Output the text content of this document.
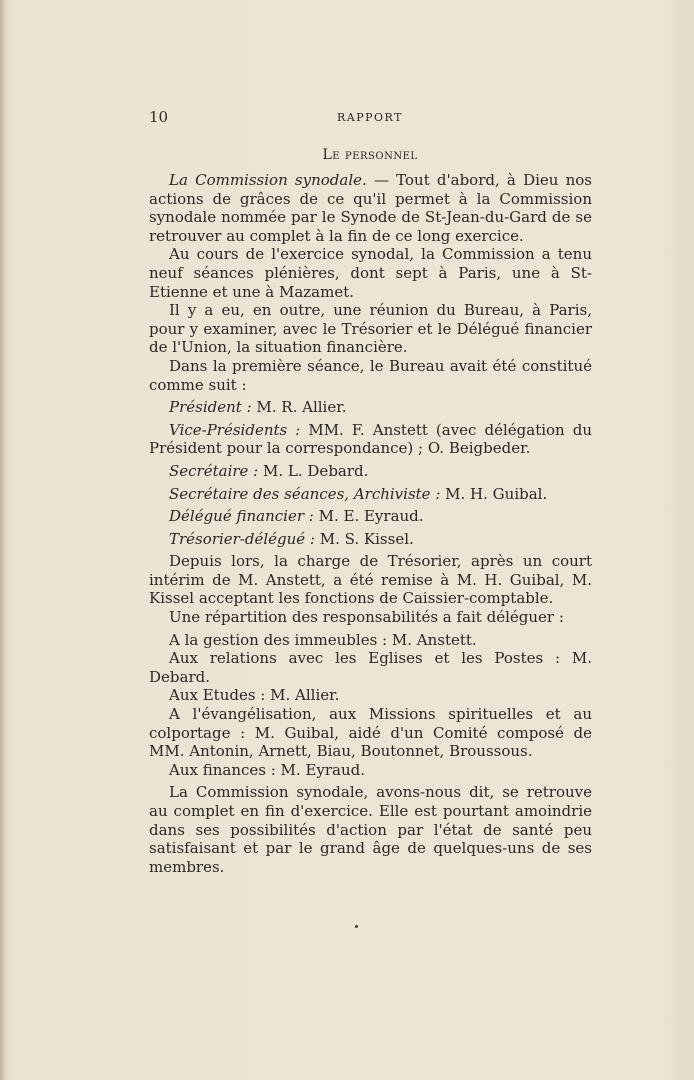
10	RAPPORT
Le personnel

La Commission synodale. — Tout d'abord, à Dieu nos actions de grâces de ce qu'il permet à la Commission synodale nommée par le Synode de St-Jean-du-Gard de se retrouver au complet à la fin de ce long exercice.

Au cours de l'exercice synodal, la Commission a tenu neuf séances plénières, dont sept à Paris, une à St-Etienne et une à Mazamet.

Il y a eu, en outre, une réunion du Bureau, à Paris, pour y examiner, avec le Trésorier et le Délégué financier de l'Union, la situation financière.

Dans la première séance, le Bureau avait été constitué comme suit :

Président : M. R. Allier.

Vice-Présidents : MM. F. Anstett (avec délégation du Président pour la correspondance) ; O. Beigbeder.

Secrétaire : M. L. Debard.

Secrétaire des séances, Archiviste : M. H. Guibal.

Délégué financier : M. E. Eyraud.

Trésorier-délégué : M. S. Kissel.

Depuis lors, la charge de Trésorier, après un court intérim de M. Anstett, a été remise à M. H. Guibal, M. Kissel acceptant les fonctions de Caissier-comptable.

Une répartition des responsabilités a fait déléguer :

A la gestion des immeubles : M. Anstett.

Aux relations avec les Eglises et les Postes : M. Debard.

Aux Etudes : M. Allier.

A l'évangélisation, aux Missions spirituelles et au colportage : M. Guibal, aidé d'un Comité composé de MM. Antonin, Arnett, Biau, Boutonnet, Broussous.

Aux finances : M. Eyraud.

La Commission synodale, avons-nous dit, se retrouve au complet en fin d'exercice. Elle est pourtant amoindrie dans ses possibilités d'action par l'état de santé peu satisfaisant et par le grand âge de quelques-uns de ses membres.
